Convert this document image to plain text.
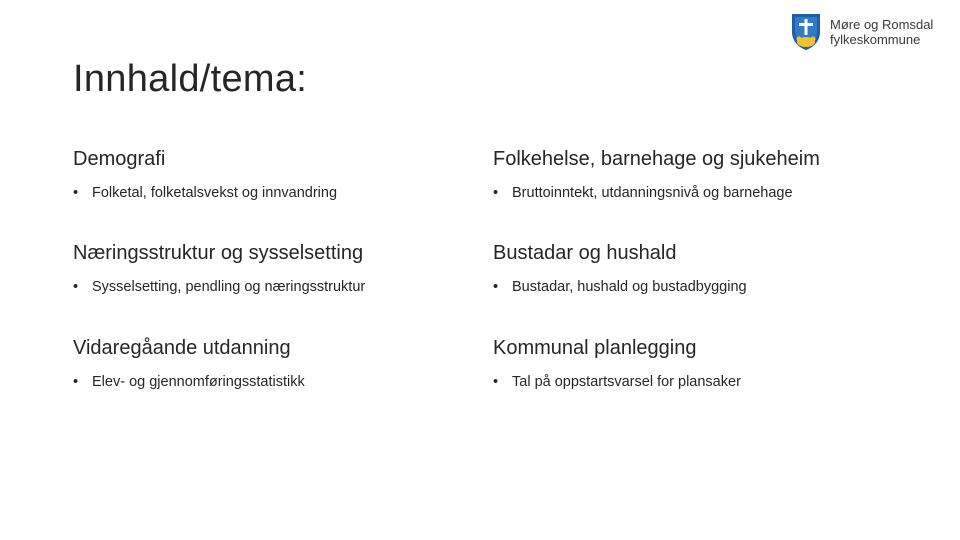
Møre og Romsdal
fylkeskommune
Innhald/tema:
Demografi
• Folketal, folketalsvekst og innvandring
Folkehelse, barnehage og sjukeheim
• Bruttoinntekt, utdanningsnivå og barnehage
Næringsstruktur og sysselsetting
• Sysselsetting, pendling og næringsstruktur
Bustadar og hushald
• Bustadar, hushald og bustadbygging
Vidaregåande utdanning
• Elev- og gjennomføringsstatistikk
Kommunal planlegging
• Tal på oppstartsvarsel for plansaker
